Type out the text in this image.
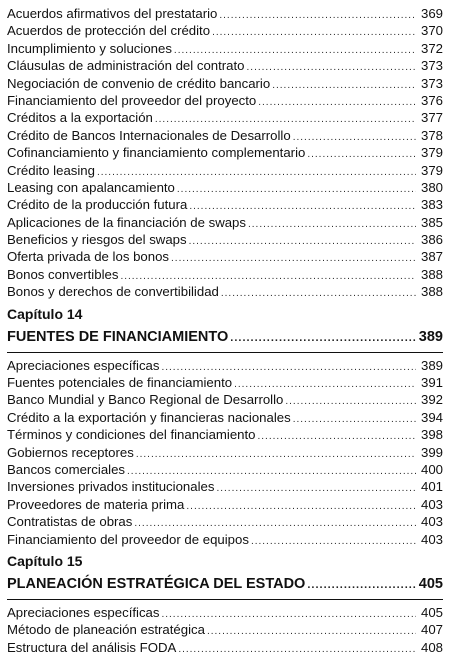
Acuerdos afirmativos del prestatario .....	369
Acuerdos de protección del crédito .....	370
Incumplimiento y soluciones .....	372
Cláusulas de administración del contrato .....	373
Negociación de convenio de crédito bancario .....	373
Financiamiento del proveedor del proyecto .....	376
Créditos a la exportación .....	377
Crédito de Bancos Internacionales de Desarrollo .....	378
Cofinanciamiento y financiamiento complementario .....	379
Crédito leasing .....	379
Leasing con apalancamiento .....	380
Crédito de la producción futura .....	383
Aplicaciones de la financiación de swaps .....	385
Beneficios y riesgos del swaps .....	386
Oferta privada de los bonos .....	387
Bonos convertibles .....	388
Bonos y derechos de convertibilidad .....	388
Capítulo 14
FUENTES DE FINANCIAMIENTO .....	389
Apreciaciones específicas .....	389
Fuentes potenciales de financiamiento .....	391
Banco Mundial y Banco Regional de Desarrollo .....	392
Crédito a la exportación y financieras nacionales .....	394
Términos y condiciones del financiamiento .....	398
Gobiernos receptores .....	399
Bancos comerciales .....	400
Inversiones privados institucionales .....	401
Proveedores de materia prima .....	403
Contratistas de obras .....	403
Financiamiento del proveedor de equipos .....	403
Capítulo 15
PLANEACIÓN ESTRATÉGICA DEL ESTADO .....	405
Apreciaciones específicas .....	405
Método de planeación estratégica .....	407
Estructura del análisis FODA .....	408
